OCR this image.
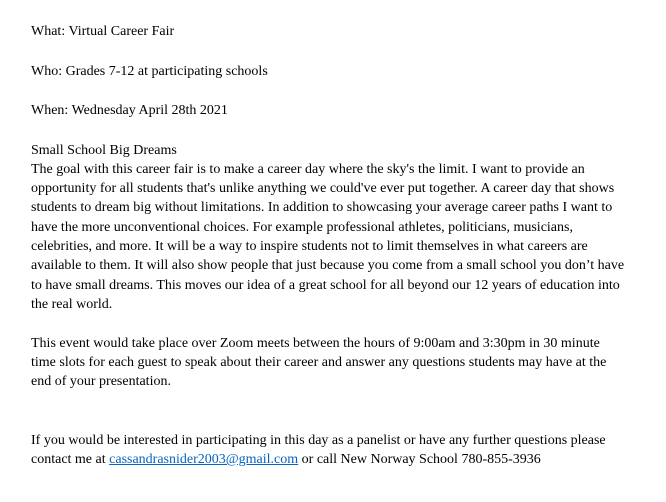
What: Virtual Career Fair
Who: Grades 7-12 at participating schools
When: Wednesday April 28th 2021
Small School Big Dreams
The goal with this career fair is to make a career day where the sky's the limit. I want to provide an
opportunity for all students that's unlike anything we could've ever put together. A career day that shows
students to dream big without limitations. In addition to showcasing your average career paths I want to
have the more unconventional choices. For example professional athletes, politicians, musicians,
celebrities, and more. It will be a way to inspire students not to limit themselves in what careers are
available to them. It will also show people that just because you come from a small school you don’t have
to have small dreams. This moves our idea of a great school for all beyond our 12 years of education into
the real world.
This event would take place over Zoom meets between the hours of 9:00am and 3:30pm in 30 minute
time slots for each guest to speak about their career and answer any questions students may have at the
end of your presentation.
If you would be interested in participating in this day as a panelist or have any further questions please
contact me at cassandrasnider2003@gmail.com or call New Norway School 780-855-3936
